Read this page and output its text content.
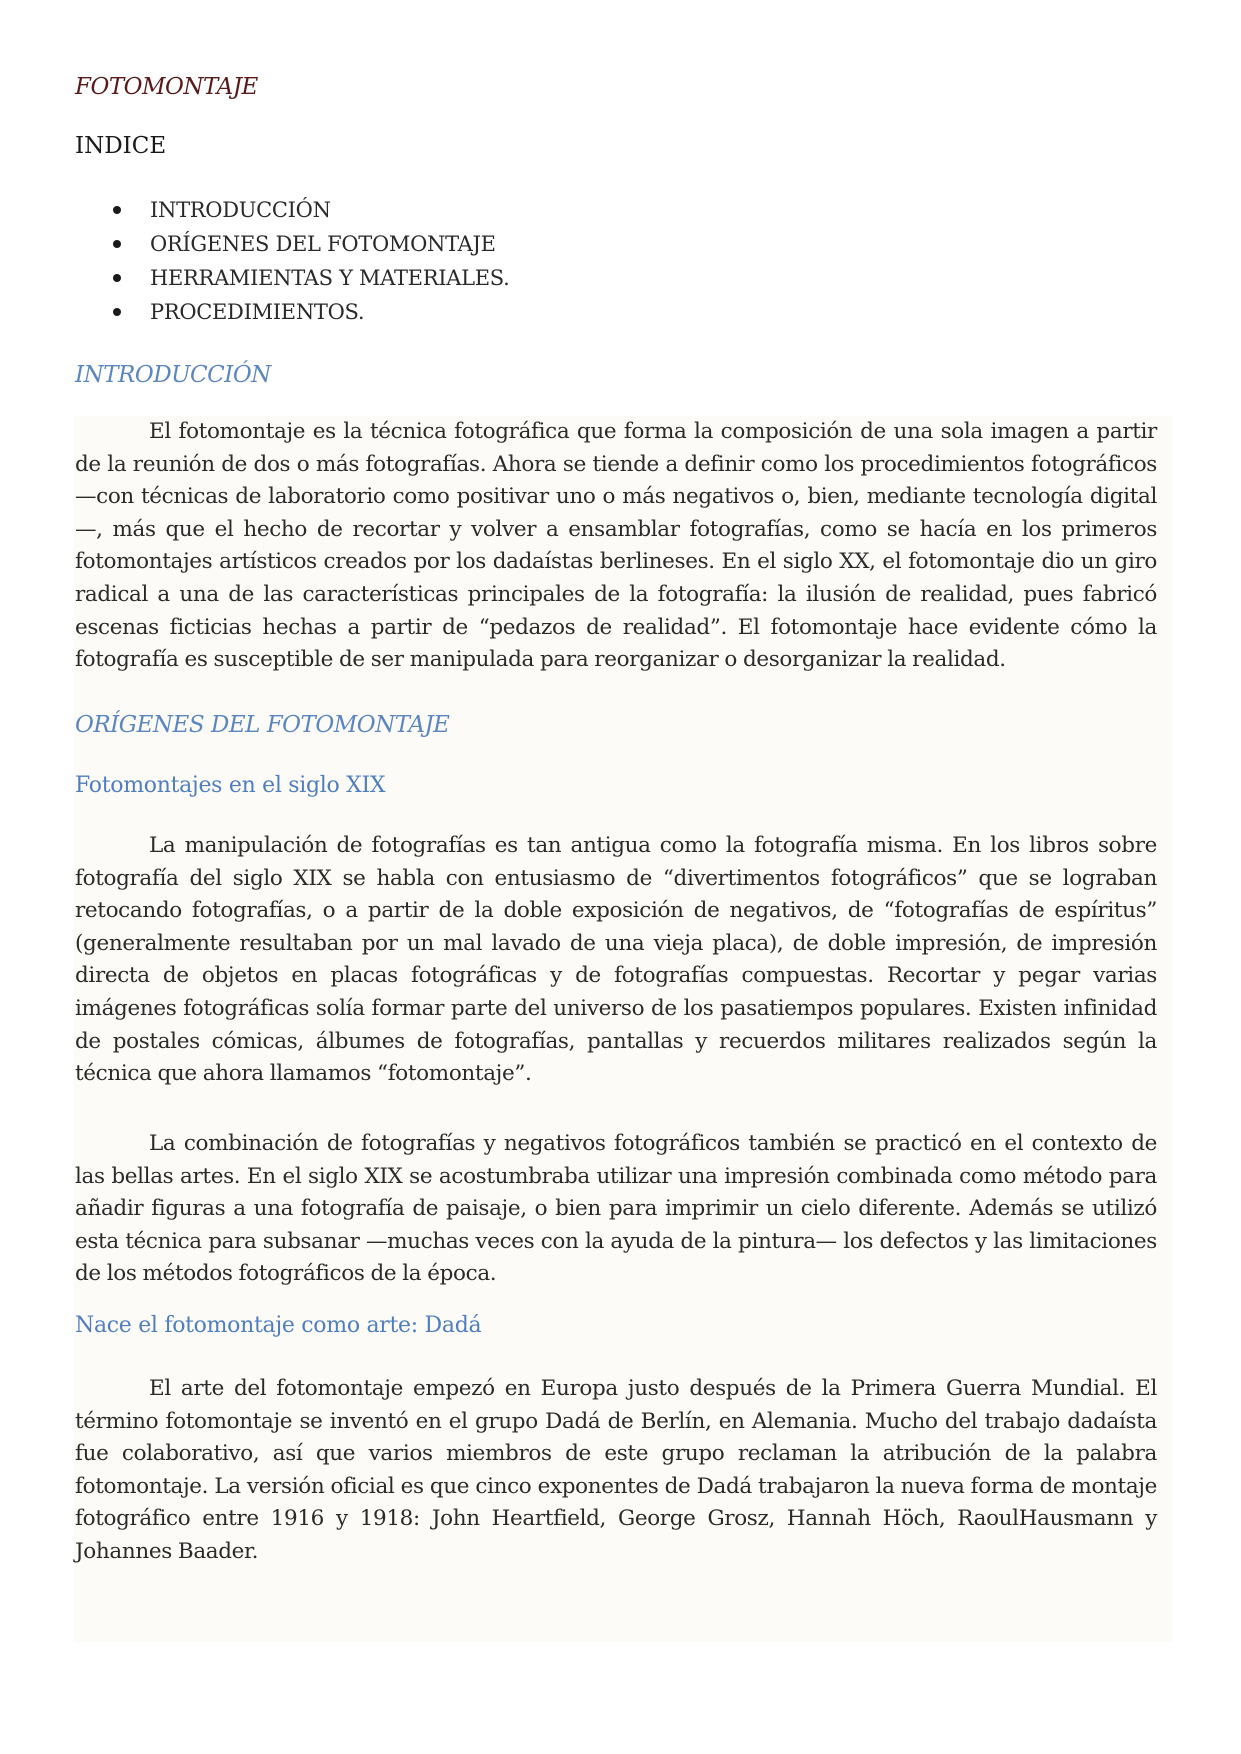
FOTOMONTAJE
INDICE
INTRODUCCIÓN
ORÍGENES DEL FOTOMONTAJE
HERRAMIENTAS Y MATERIALES.
PROCEDIMIENTOS.
INTRODUCCIÓN

El fotomontaje es la técnica fotográfica que forma la composición de una sola imagen a partir de la reunión de dos o más fotografías. Ahora se tiende a definir como los procedimientos fotográficos —con técnicas de laboratorio como positivar uno o más negativos o, bien, mediante tecnología digital—, más que el hecho de recortar y volver a ensamblar fotografías, como se hacía en los primeros fotomontajes artísticos creados por los dadaístas berlineses. En el siglo XX, el fotomontaje dio un giro radical a una de las características principales de la fotografía: la ilusión de realidad, pues fabricó escenas ficticias hechas a partir de “pedazos de realidad”. El fotomontaje hace evidente cómo la fotografía es susceptible de ser manipulada para reorganizar o desorganizar la realidad.

ORÍGENES DEL FOTOMONTAJE
Fotomontajes en el siglo XIX

La manipulación de fotografías es tan antigua como la fotografía misma. En los libros sobre fotografía del siglo XIX se habla con entusiasmo de “divertimentos fotográficos” que se lograban retocando fotografías, o a partir de la doble exposición de negativos, de “fotografías de espíritus” (generalmente resultaban por un mal lavado de una vieja placa), de doble impresión, de impresión directa de objetos en placas fotográficas y de fotografías compuestas. Recortar y pegar varias imágenes fotográficas solía formar parte del universo de los pasatiempos populares. Existen infinidad de postales cómicas, álbumes de fotografías, pantallas y recuerdos militares realizados según la técnica que ahora llamamos “fotomontaje”.

La combinación de fotografías y negativos fotográficos también se practicó en el contexto de las bellas artes. En el siglo XIX se acostumbraba utilizar una impresión combinada como método para añadir figuras a una fotografía de paisaje, o bien para imprimir un cielo diferente. Además se utilizó esta técnica para subsanar —muchas veces con la ayuda de la pintura— los defectos y las limitaciones de los métodos fotográficos de la época.

Nace el fotomontaje como arte: Dadá

El arte del fotomontaje empezó en Europa justo después de la Primera Guerra Mundial. El término fotomontaje se inventó en el grupo Dadá de Berlín, en Alemania. Mucho del trabajo dadaísta fue colaborativo, así que varios miembros de este grupo reclaman la atribución de la palabra fotomontaje. La versión oficial es que cinco exponentes de Dadá trabajaron la nueva forma de montaje fotográfico entre 1916 y 1918: John Heartfield, George Grosz, Hannah Höch, RaoulHausmann y Johannes Baader.
